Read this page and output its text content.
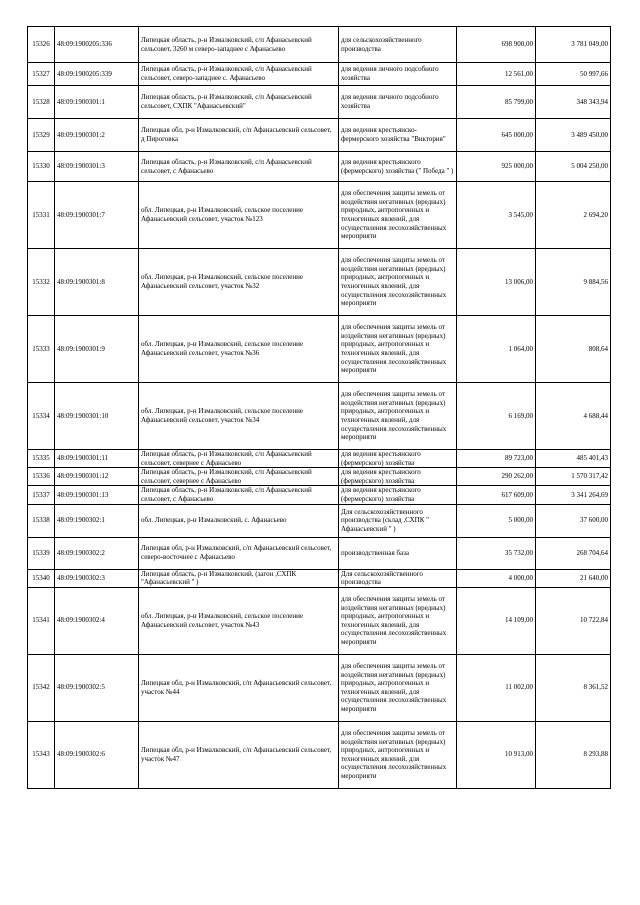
15326	48:09:1900205:336	Липецкая область, р-н Измалковский, с/п Афанасьевский сельсовет, 3260 м северо-западнее с Афанасьево	для сельскохозяйственного производства	698 900,00	3 781 049,00
15327	48:09:1900205:339	Липецкая область, р-н Измалковский, с/п Афанасьевский сельсовет, северо-западнее с. Афанасьево	для ведения личного подсобного хозяйства	12 561,00	50 997,66
15328	48:09:1900301:1	Липецкая область, р-н Измалковский, с/п Афанасьевский сельсовет, СХПК "Афанасьевский"	для ведения личного подсобного хозяйства	85 799,00	348 343,94
15329	48:09:1900301:2	Липецкая обл, р-н Измалковский, с/п Афанасьевский сельсовет, д Пироговка	для ведения крестьянско-фермерского хозяйства "Виктория"	645 000,00	3 489 450,00
15330	48:09:1900301:3	Липецкая область, р-н Измалковский, с/п Афанасьевский сельсовет, с Афанасьево	для ведения крестьянского (фермерского) хозяйства (" Победа " )	925 000,00	5 004 250,00
15331	48:09:1900301:7	обл. Липецкая, р-н Измалковский, сельское поселение Афанасьевский сельсовет, участок №123	для обеспечения защиты земель от воздействия негативных (вредных) природных, антропогенных и техногенных явлений, для осуществления лесохозяйственных мероприяти	3 545,00	2 694,20
15332	48:09:1900301:8	обл. Липецкая, р-н Измалковский, сельское поселение Афанасьевский сельсовет, участок №32	для обеспечения защиты земель от воздействия негативных (вредных) природных, антропогенных и техногенных явлений, для осуществления лесохозяйственных мероприяти	13 006,00	9 884,56
15333	48:09:1900301:9	обл. Липецкая, р-н Измалковский, сельское поселение Афанасьевский сельсовет, участок №36	для обеспечения защиты земель от воздействия негативных (вредных) природных, антропогенных и техногенных явлений, для осуществления лесохозяйственных мероприяти	1 064,00	808,64
15334	48:09:1900301:10	обл. Липецкая, р-н Измалковский, сельское поселение Афанасьевский сельсовет, участок №34	для обеспечения защиты земель от воздействия негативных (вредных) природных, антропогенных и техногенных явлений, для осуществления лесохозяйственных мероприяти	6 169,00	4 688,44
15335	48:09:1900301:11	Липецкая область, р-н Измалковский, с/п Афанасьевский сельсовет, севернее с Афанасьево	для ведения крестьянского (фермерского) хозяйства	89 723,00	485 401,43
15336	48:09:1900301:12	Липецкая область, р-н Измалковский, с/п Афанасьевский сельсовет, севернее с Афанасьево	для ведения крестьянского (фермерского) хозяйства	290 262,00	1 570 317,42
15337	48:09:1900301:13	Липецкая область, р-н Измалковский, с/п Афанасьевский сельсовет, с Афанасьево	для ведения крестьянского (фермерского) хозяйства	617 609,00	3 341 264,69
15338	48:09:1900302:1	обл. Липецкая, р-н Измалковский, с. Афанасьево	Для сельскохозяйственного производства (склад ,СХПК " Афанасьевский " )	5 000,00	37 600,00
15339	48:09:1900302:2	Липецкая обл, р-н Измалковский, с/п Афанасьевский сельсовет, северо-восточнее с Афанасьево	производственная база	35 732,00	268 704,64
15340	48:09:1900302:3	Липецкая область, р-н Измалковский, (загон ,СХПК "Афанасьевский " )	Для сельскохозяйственного производства	4 000,00	21 640,00
15341	48:09:1900302:4	обл. Липецкая, р-н Измалковский, сельское поселение Афанасьевский сельсовет, участок №43	для обеспечения защиты земель от воздействия негативных (вредных) природных, антропогенных и техногенных явлений, для осуществления лесохозяйственных мероприяти	14 109,00	10 722,84
15342	48:09:1900302:5	Липецкая обл, р-н Измалковский, с/п Афанасьевский сельсовет, участок №44	для обеспечения защиты земель от воздействия негативных (вредных) природных, антропогенных и техногенных явлений, для осуществления лесохозяйственных мероприяти	11 002,00	8 361,52
15343	48:09:1900302:6	Липецкая обл, р-н Измалковский, с/п Афанасьевский сельсовет, участок №47	для обеспечения защиты земель от воздействия негативных (вредных) природных, антропогенных и техногенных явлений, для осуществления лесохозяйственных мероприяти	10 913,00	8 293,88
